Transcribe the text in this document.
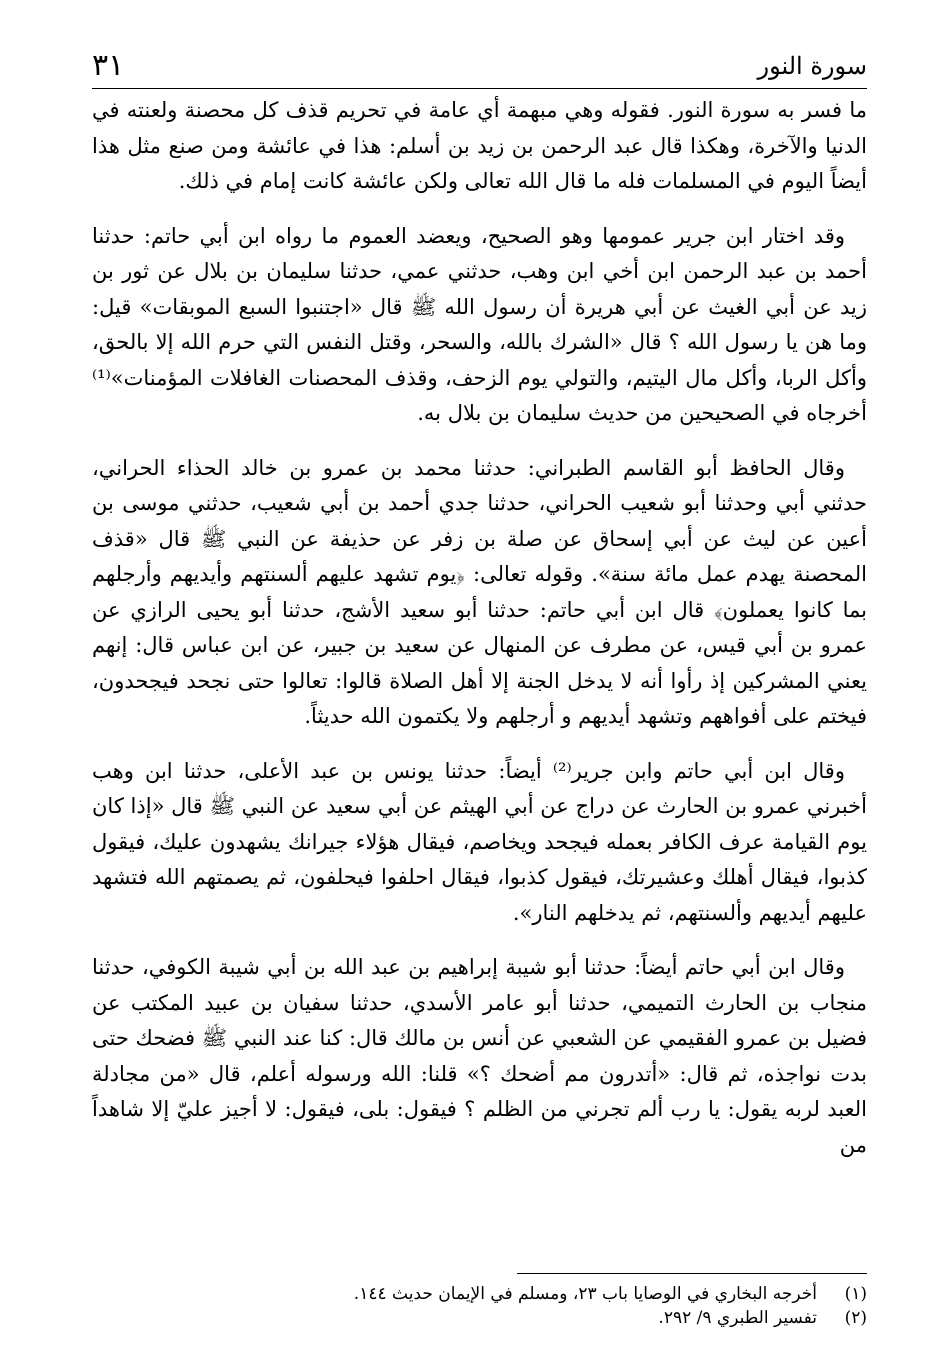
سورة النور
٣١

ما فسر به سورة النور. فقوله وهي مبهمة أي عامة في تحريم قذف كل محصنة ولعنته في الدنيا والآخرة، وهكذا قال عبد الرحمن بن زيد بن أسلم: هذا في عائشة ومن صنع مثل هذا أيضاً اليوم في المسلمات فله ما قال الله تعالى ولكن عائشة كانت إمام في ذلك.

وقد اختار ابن جرير عمومها وهو الصحيح، ويعضد العموم ما رواه ابن أبي حاتم: حدثنا أحمد بن عبد الرحمن ابن أخي ابن وهب، حدثني عمي، حدثنا سليمان بن بلال عن ثور بن زيد عن أبي الغيث عن أبي هريرة أن رسول الله ﷺ قال «اجتنبوا السبع الموبقات» قيل: وما هن يا رسول الله ؟ قال «الشرك بالله، والسحر، وقتل النفس التي حرم الله إلا بالحق، وأكل الربا، وأكل مال اليتيم، والتولي يوم الزحف، وقذف المحصنات الغافلات المؤمنات»⁽¹⁾ أخرجاه في الصحيحين من حديث سليمان بن بلال به.

وقال الحافظ أبو القاسم الطبراني: حدثنا محمد بن عمرو بن خالد الحذاء الحراني، حدثني أبي وحدثنا أبو شعيب الحراني، حدثنا جدي أحمد بن أبي شعيب، حدثني موسى بن أعين عن ليث عن أبي إسحاق عن صلة بن زفر عن حذيفة عن النبي ﷺ قال «قذف المحصنة يهدم عمل مائة سنة». وقوله تعالى: ﴿يوم تشهد عليهم ألسنتهم وأيديهم وأرجلهم بما كانوا يعملون﴾ قال ابن أبي حاتم: حدثنا أبو سعيد الأشج، حدثنا أبو يحيى الرازي عن عمرو بن أبي قيس، عن مطرف عن المنهال عن سعيد بن جبير، عن ابن عباس قال: إنهم يعني المشركين إذ رأوا أنه لا يدخل الجنة إلا أهل الصلاة قالوا: تعالوا حتى نجحد فيجحدون، فيختم على أفواههم وتشهد أيديهم و أرجلهم ولا يكتمون الله حديثاً.

وقال ابن أبي حاتم وابن جرير⁽²⁾ أيضاً: حدثنا يونس بن عبد الأعلى، حدثنا ابن وهب أخبرني عمرو بن الحارث عن دراج عن أبي الهيثم عن أبي سعيد عن النبي ﷺ قال «إذا كان يوم القيامة عرف الكافر بعمله فيجحد ويخاصم، فيقال هؤلاء جيرانك يشهدون عليك، فيقول كذبوا، فيقال أهلك وعشيرتك، فيقول كذبوا، فيقال احلفوا فيحلفون، ثم يصمتهم الله فتشهد عليهم أيديهم وألسنتهم، ثم يدخلهم النار».

وقال ابن أبي حاتم أيضاً: حدثنا أبو شيبة إبراهيم بن عبد الله بن أبي شيبة الكوفي، حدثنا منجاب بن الحارث التميمي، حدثنا أبو عامر الأسدي، حدثنا سفيان بن عبيد المكتب عن فضيل بن عمرو الفقيمي عن الشعبي عن أنس بن مالك قال: كنا عند النبي ﷺ فضحك حتى بدت نواجذه، ثم قال: «أتدرون مم أضحك ؟» قلنا: الله ورسوله أعلم، قال «من مجادلة العبد لربه يقول: يا رب ألم تجرني من الظلم ؟ فيقول: بلى، فيقول: لا أجيز عليّ إلا شاهداً من

(١)أخرجه البخاري في الوصايا باب ٢٣، ومسلم في الإيمان حديث ١٤٤.

(٢)تفسير الطبري ٩/ ٢٩٢.
